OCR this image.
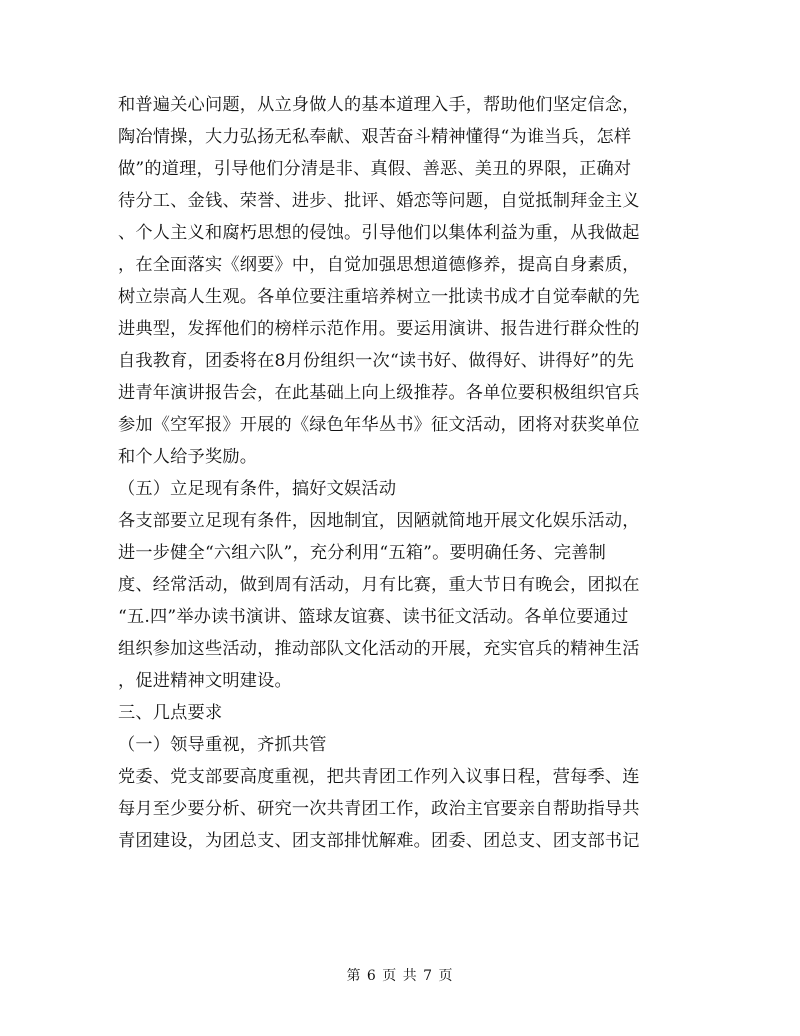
和普遍关心问题，从立身做人的基本道理入手，帮助他们坚定信念，
陶冶情操，大力弘扬无私奉献、艰苦奋斗精神懂得“为谁当兵，怎样
做”的道理，引导他们分清是非、真假、善恶、美丑的界限，正确对
待分工、金钱、荣誉、进步、批评、婚恋等问题，自觉抵制拜金主义
、个人主义和腐朽思想的侵蚀。引导他们以集体利益为重，从我做起
，在全面落实《纲要》中，自觉加强思想道德修养，提高自身素质，
树立崇高人生观。各单位要注重培养树立一批读书成才自觉奉献的先
进典型，发挥他们的榜样示范作用。要运用演讲、报告进行群众性的
自我教育，团委将在8月份组织一次“读书好、做得好、讲得好”的先
进青年演讲报告会，在此基础上向上级推荐。各单位要积极组织官兵
参加《空军报》开展的《绿色年华丛书》征文活动，团将对获奖单位
和个人给予奖励。
（五）立足现有条件，搞好文娱活动
各支部要立足现有条件，因地制宜，因陋就简地开展文化娱乐活动，
进一步健全“六组六队”，充分利用“五箱”。要明确任务、完善制
度、经常活动，做到周有活动，月有比赛，重大节日有晚会，团拟在
“五.四”举办读书演讲、篮球友谊赛、读书征文活动。各单位要通过
组织参加这些活动，推动部队文化活动的开展，充实官兵的精神生活
，促进精神文明建设。
三、几点要求
（一）领导重视，齐抓共管
党委、党支部要高度重视，把共青团工作列入议事日程，营每季、连
每月至少要分析、研究一次共青团工作，政治主官要亲自帮助指导共
青团建设，为团总支、团支部排忧解难。团委、团总支、团支部书记
第 6 页 共 7 页
